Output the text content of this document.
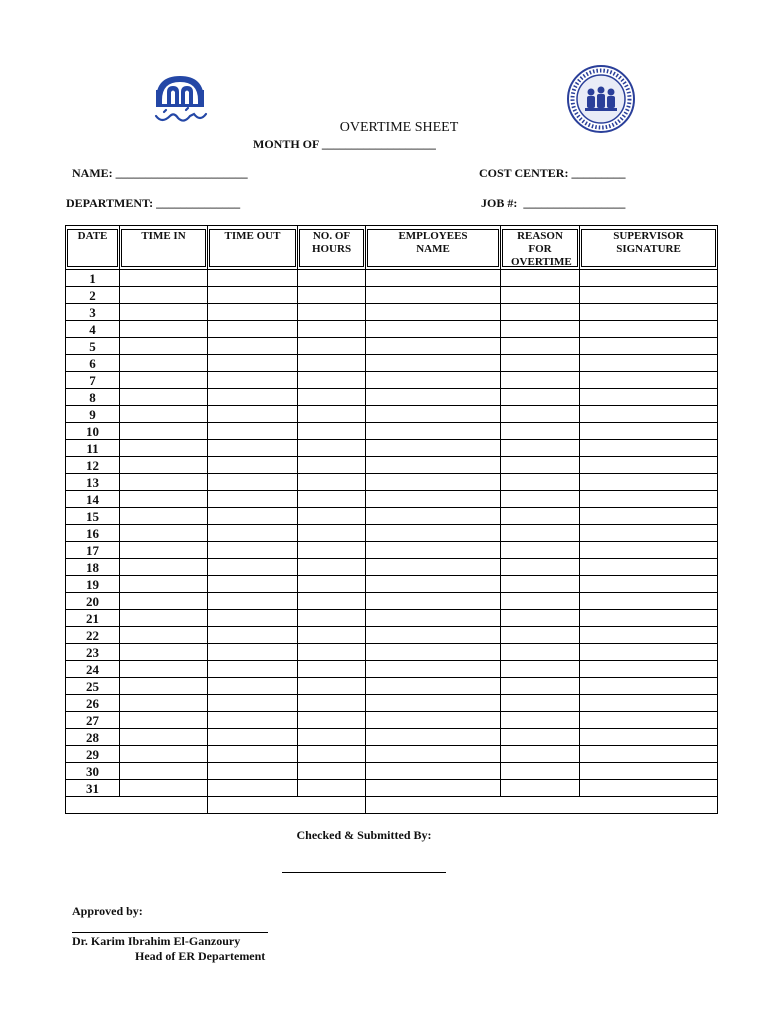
OVERTIME SHEET
MONTH OF ___________________
NAME: ______________________	COST CENTER: _________
DEPARTMENT: ______________	JOB #:  _________________
DATE	TIME IN	TIME OUT	NO. OF HOURS	EMPLOYEES NAME	REASON FOR OVERTIME	SUPERVISOR SIGNATURE

1						
2						
3						
4						
5						
6						
7						
8						
9						
10						
11						
12						
13						
14						
15						
16						
17						
18						
19						
20						
21						
22						
23						
24						
25						
26						
27						
28						
29						
30						
31						

Checked & Submitted By:
Approved by:
Dr. Karim Ibrahim El-Ganzoury
Head of ER Departement
